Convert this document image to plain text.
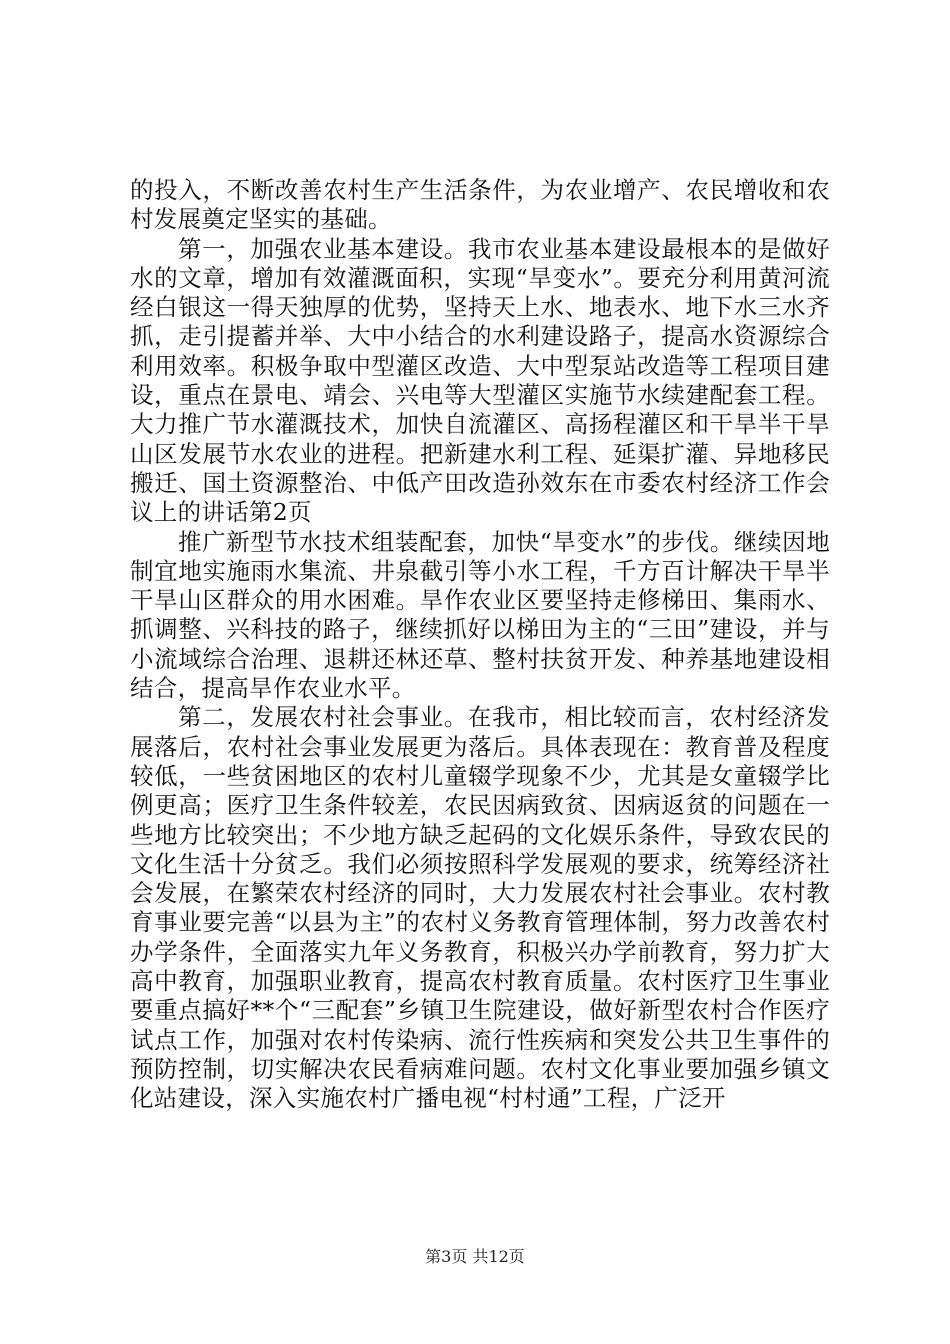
的投入，不断改善农村生产生活条件，为农业增产、农民增收和农村发展奠定坚实的基础。

第一，加强农业基本建设。我市农业基本建设最根本的是做好水的文章，增加有效灌溉面积，实现“旱变水”。要充分利用黄河流经白银这一得天独厚的优势，坚持天上水、地表水、地下水三水齐抓，走引提蓄并举、大中小结合的水利建设路子，提高水资源综合利用效率。积极争取中型灌区改造、大中型泵站改造等工程项目建设，重点在景电、靖会、兴电等大型灌区实施节水续建配套工程。大力推广节水灌溉技术，加快自流灌区、高扬程灌区和干旱半干旱山区发展节水农业的进程。把新建水利工程、延渠扩灌、异地移民搬迁、国土资源整治、中低产田改造孙效东在市委农村经济工作会议上的讲话第2页

推广新型节水技术组装配套，加快“旱变水”的步伐。继续因地制宜地实施雨水集流、井泉截引等小水工程，千方百计解决干旱半干旱山区群众的用水困难。旱作农业区要坚持走修梯田、集雨水、抓调整、兴科技的路子，继续抓好以梯田为主的“三田”建设，并与小流域综合治理、退耕还林还草、整村扶贫开发、种养基地建设相结合，提高旱作农业水平。

第二，发展农村社会事业。在我市，相比较而言，农村经济发展落后，农村社会事业发展更为落后。具体表现在：教育普及程度较低，一些贫困地区的农村儿童辍学现象不少，尤其是女童辍学比例更高；医疗卫生条件较差，农民因病致贫、因病返贫的问题在一些地方比较突出；不少地方缺乏起码的文化娱乐条件，导致农民的文化生活十分贫乏。我们必须按照科学发展观的要求，统筹经济社会发展，在繁荣农村经济的同时，大力发展农村社会事业。农村教育事业要完善“以县为主”的农村义务教育管理体制，努力改善农村办学条件，全面落实九年义务教育，积极兴办学前教育，努力扩大高中教育，加强职业教育，提高农村教育质量。农村医疗卫生事业要重点搞好**个“三配套”乡镇卫生院建设，做好新型农村合作医疗试点工作，加强对农村传染病、流行性疾病和突发公共卫生事件的预防控制，切实解决农民看病难问题。农村文化事业要加强乡镇文化站建设，深入实施农村广播电视“村村通”工程，广泛开

第3页 共12页
